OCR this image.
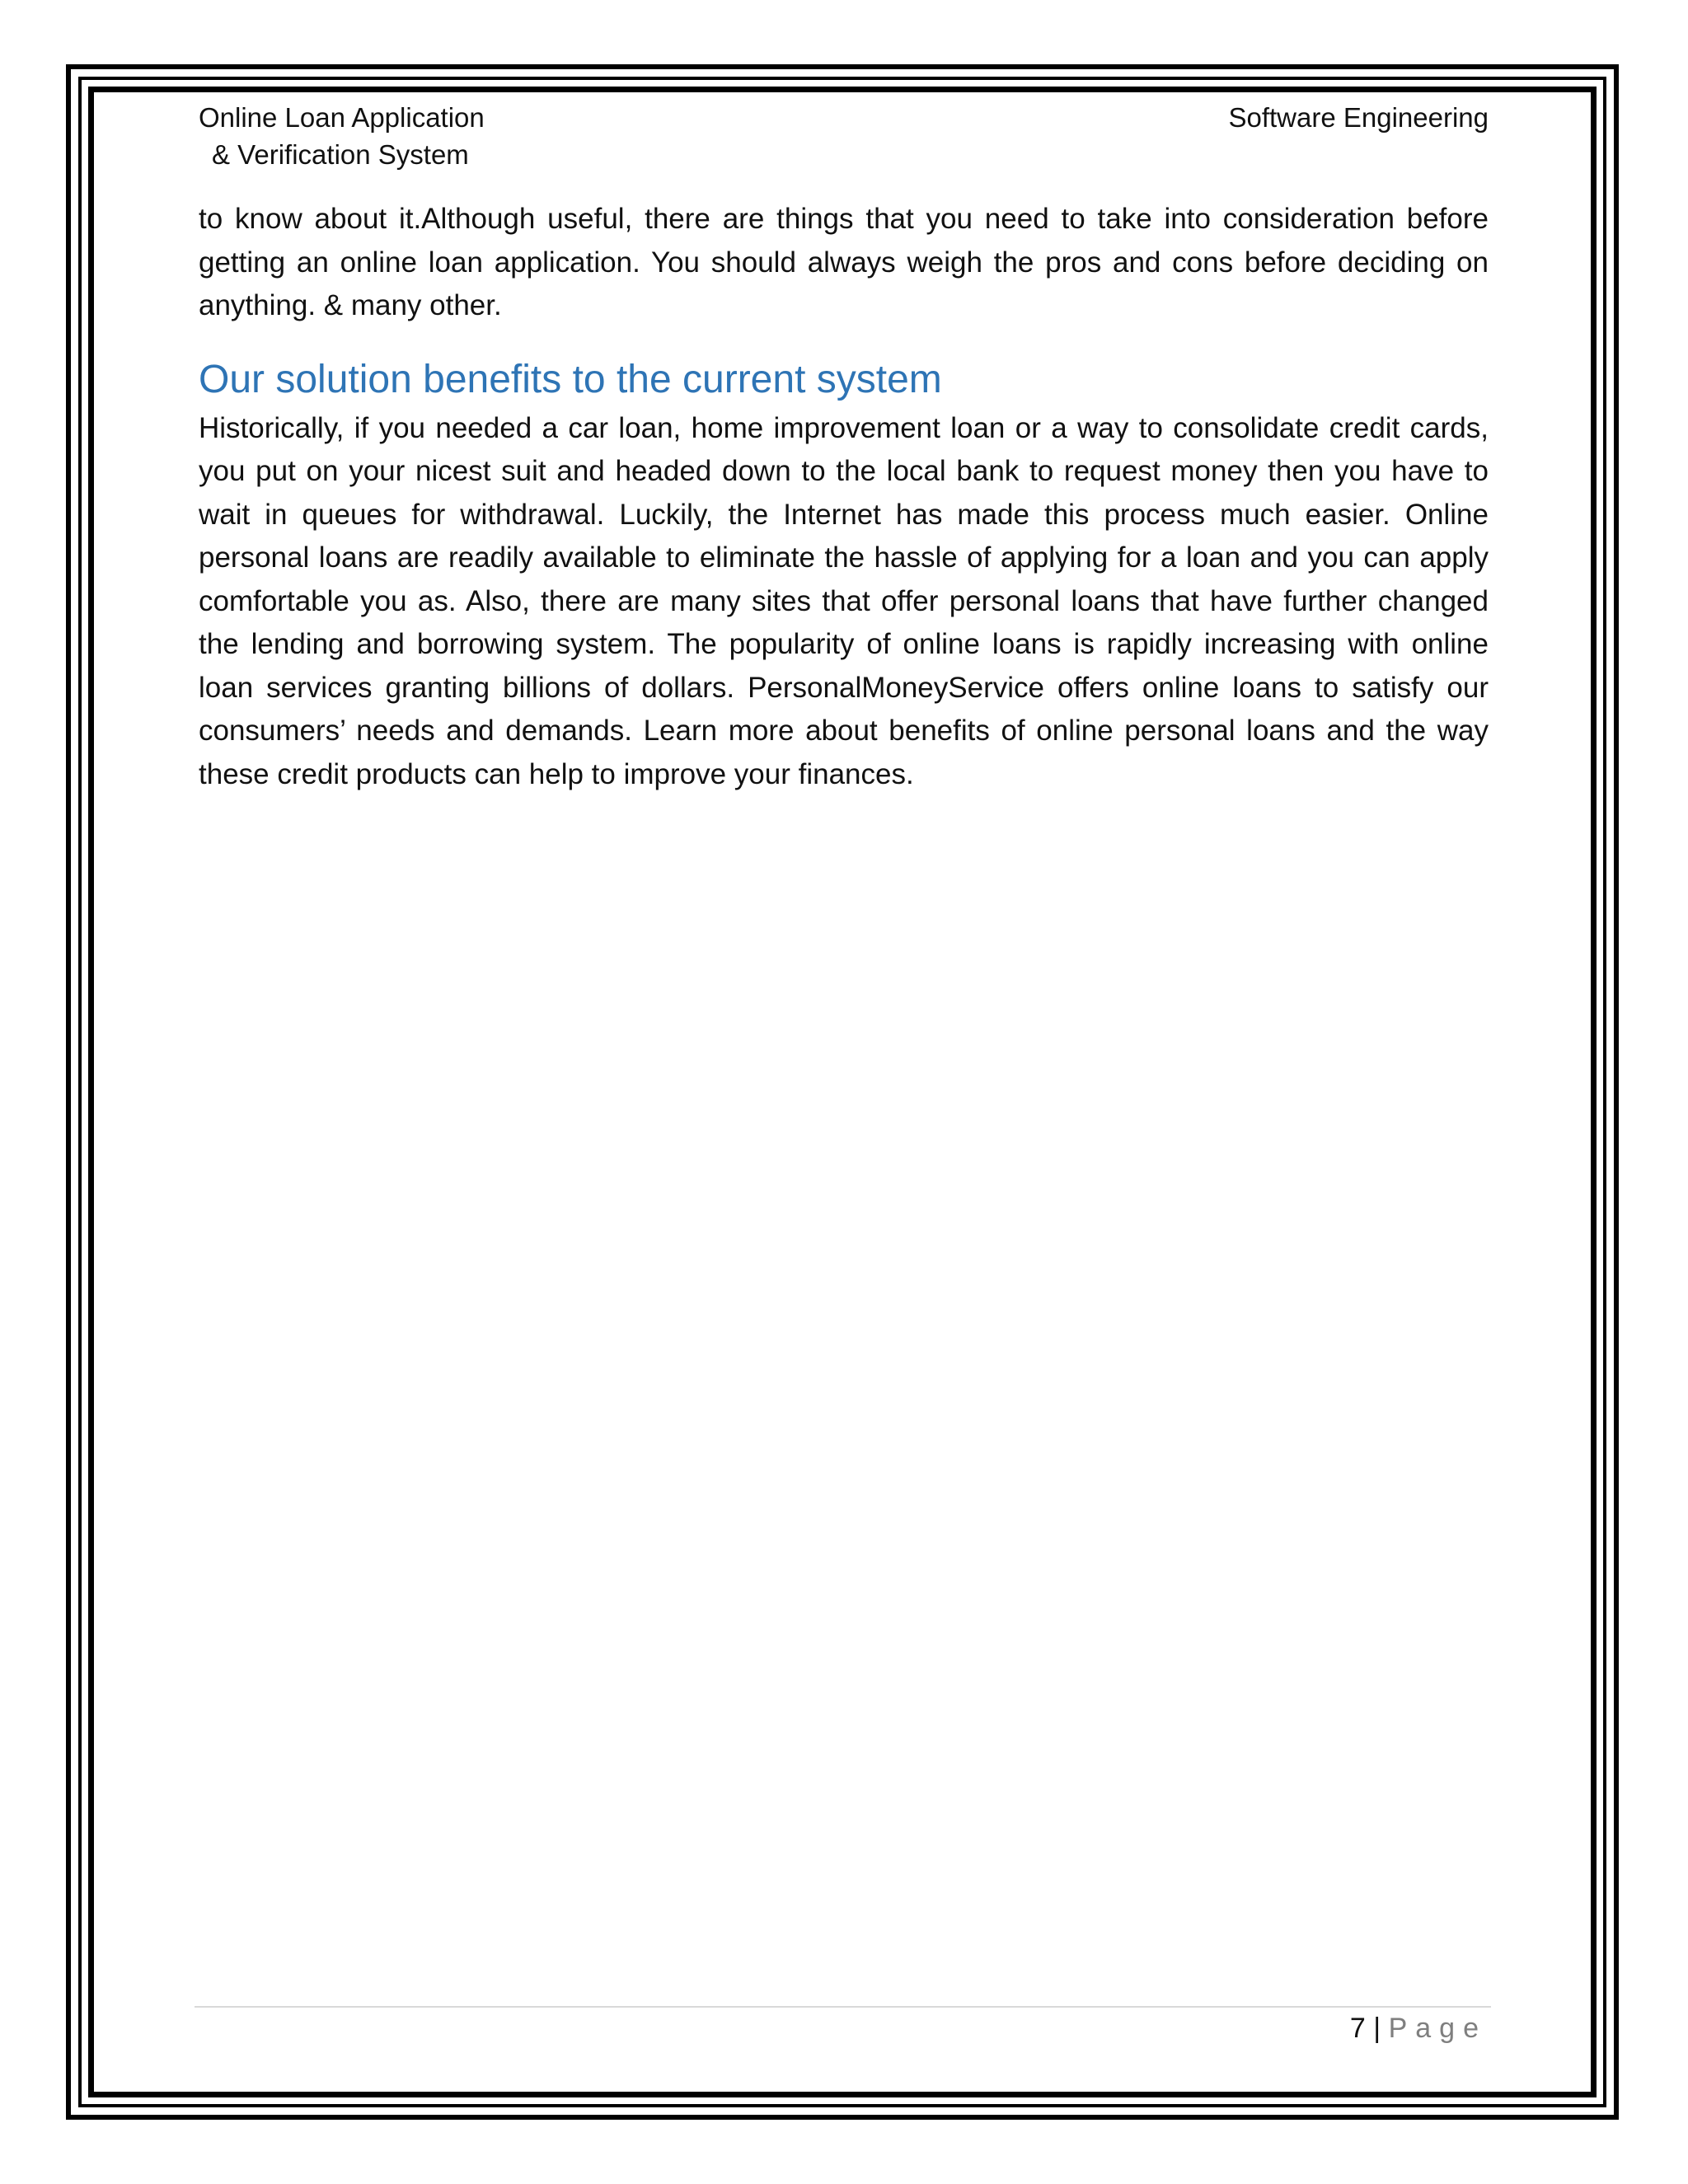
Online Loan Application
& Verification System
Software Engineering

to know about it.Although useful, there are things that you need to take into consideration before getting an online loan application. You should always weigh the pros and cons before deciding on anything. & many other.

Our solution benefits to the current system

Historically, if you needed a car loan, home improvement loan or a way to consolidate credit cards, you put on your nicest suit and headed down to the local bank to request money then you have to wait in queues for withdrawal. Luckily, the Internet has made this process much easier. Online personal loans are readily available to eliminate the hassle of applying for a loan and you can apply comfortable you as. Also, there are many sites that offer personal loans that have further changed the lending and borrowing system. The popularity of online loans is rapidly increasing with online loan services granting billions of dollars. PersonalMoneyService offers online loans to satisfy our consumers’ needs and demands. Learn more about benefits of online personal loans and the way these credit products can help to improve your finances.

7 | Page
